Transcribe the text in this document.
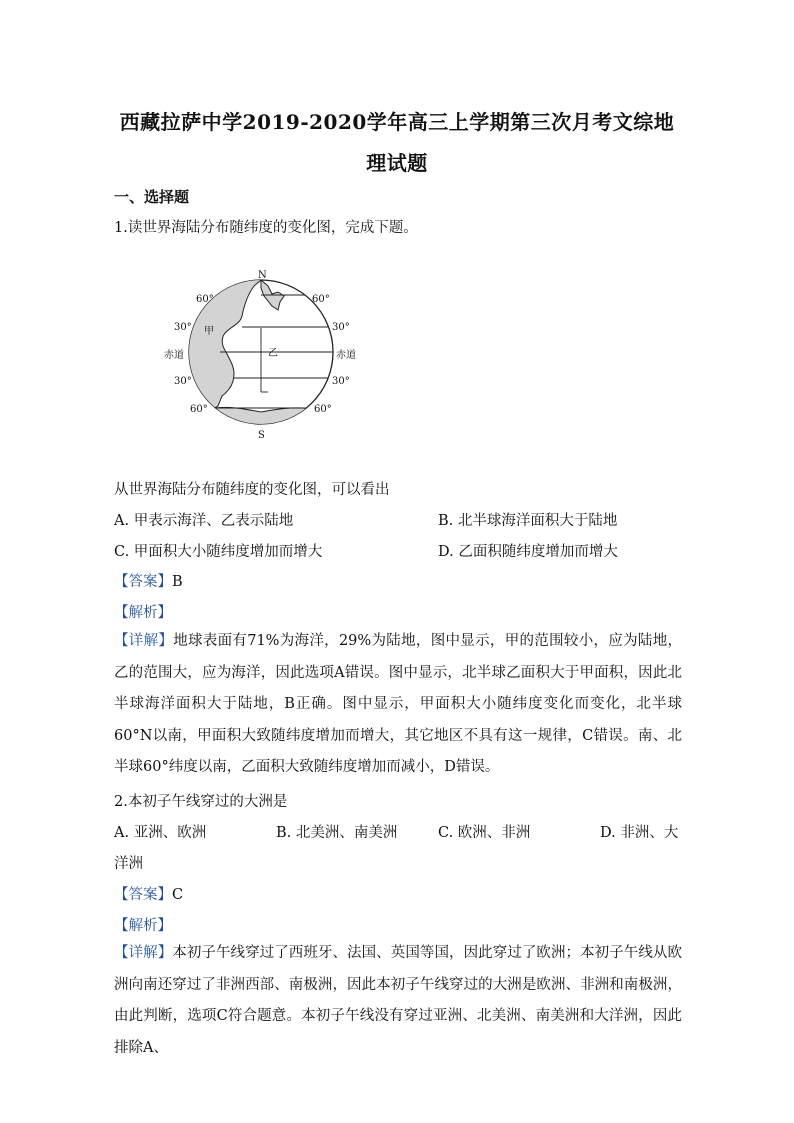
西藏拉萨中学2019-2020学年高三上学期第三次月考文综地
理试题
一、选择题
1.读世界海陆分布随纬度的变化图，完成下题。
N
S
甲
乙
60°
30°
赤道
30°
60°
60°
30°
赤道
30°
60°
从世界海陆分布随纬度的变化图，可以看出
A. 甲表示海洋、乙表示陆地	B. 北半球海洋面积大于陆地
C. 甲面积大小随纬度增加而增大	D. 乙面积随纬度增加而增大
【答案】B
【解析】
【详解】地球表面有71%为海洋，29%为陆地，图中显示，甲的范围较小，应为陆地，乙的范围大，应为海洋，因此选项A错误。图中显示，北半球乙面积大于甲面积，因此北半球海洋面积大于陆地，B正确。图中显示，甲面积大小随纬度变化而变化，北半球60°N以南，甲面积大致随纬度增加而增大，其它地区不具有这一规律，C错误。南、北半球60°纬度以南，乙面积大致随纬度增加而减小，D错误。
2.本初子午线穿过的大洲是
A. 亚洲、欧洲	B. 北美洲、南美洲	C. 欧洲、非洲	D. 非洲、大
洋洲
【答案】C
【解析】
【详解】本初子午线穿过了西班牙、法国、英国等国，因此穿过了欧洲；本初子午线从欧洲向南还穿过了非洲西部、南极洲，因此本初子午线穿过的大洲是欧洲、非洲和南极洲，由此判断，选项C符合题意。本初子午线没有穿过亚洲、北美洲、南美洲和大洋洲，因此排除A、
